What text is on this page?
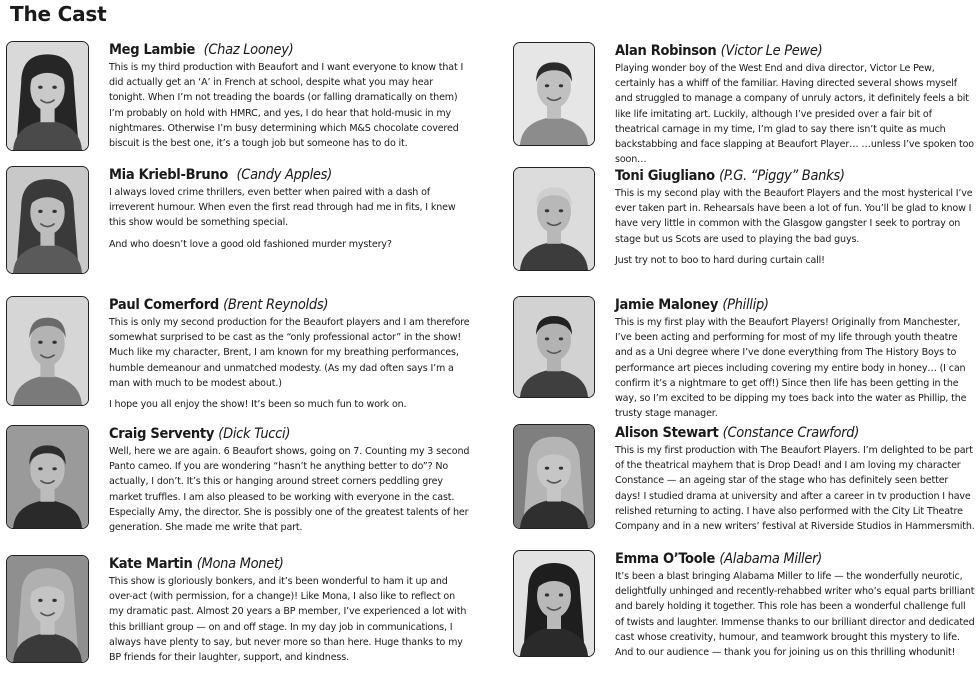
The Cast
Meg Lambie (Chaz Looney)

This is my third production with Beaufort and I want everyone to know that I did actually get an ‘A’ in French at school, despite what you may hear tonight. When I’m not treading the boards (or falling dramatically on them) I’m probably on hold with HMRC, and yes, I do hear that hold-music in my nightmares. Otherwise I’m busy determining which M&S chocolate covered biscuit is the best one, it’s a tough job but someone has to do it.

Mia Kriebl-Bruno (Candy Apples)

I always loved crime thrillers, even better when paired with a dash of irreverent humour. When even the first read through had me in fits, I knew this show would be something special.

And who doesn’t love a good old fashioned murder mystery?

Paul Comerford (Brent Reynolds)

This is only my second production for the Beaufort players and I am therefore somewhat surprised to be cast as the “only professional actor” in the show! Much like my character, Brent, I am known for my breathing performances, humble demeanour and unmatched modesty. (As my dad often says I’m a man with much to be modest about.)

I hope you all enjoy the show! It’s been so much fun to work on.

Craig Serventy (Dick Tucci)

Well, here we are again. 6 Beaufort shows, going on 7. Counting my 3 second Panto cameo. If you are wondering “hasn’t he anything better to do”? No actually, I don’t. It’s this or hanging around street corners peddling grey market truffles. I am also pleased to be working with everyone in the cast. Especially Amy, the director. She is possibly one of the greatest talents of her generation. She made me write that part.

Kate Martin (Mona Monet)

This show is gloriously bonkers, and it’s been wonderful to ham it up and over-act (with permission, for a change)! Like Mona, I also like to reflect on my dramatic past. Almost 20 years a BP member, I’ve experienced a lot with this brilliant group — on and off stage. In my day job in communications, I always have plenty to say, but never more so than here. Huge thanks to my BP friends for their laughter, support, and kindness.

Alan Robinson (Victor Le Pewe)

Playing wonder boy of the West End and diva director, Victor Le Pew, certainly has a whiff of the familiar. Having directed several shows myself and struggled to manage a company of unruly actors, it definitely feels a bit like life imitating art. Luckily, although I’ve presided over a fair bit of theatrical carnage in my time, I’m glad to say there isn’t quite as much backstabbing and face slapping at Beaufort Player… …unless I’ve spoken too soon…

Toni Giugliano (P.G. “Piggy” Banks)

This is my second play with the Beaufort Players and the most hysterical I’ve ever taken part in. Rehearsals have been a lot of fun. You’ll be glad to know I have very little in common with the Glasgow gangster I seek to portray on stage but us Scots are used to playing the bad guys.

Just try not to boo to hard during curtain call!

Jamie Maloney (Phillip)

This is my first play with the Beaufort Players! Originally from Manchester, I’ve been acting and performing for most of my life through youth theatre and as a Uni degree where I’ve done everything from The History Boys to performance art pieces including covering my entire body in honey… (I can confirm it’s a nightmare to get off!) Since then life has been getting in the way, so I’m excited to be dipping my toes back into the water as Phillip, the trusty stage manager.

Alison Stewart (Constance Crawford)

This is my first production with The Beaufort Players. I’m delighted to be part of the theatrical mayhem that is Drop Dead! and I am loving my character Constance — an ageing star of the stage who has definitely seen better days! I studied drama at university and after a career in tv production I have relished returning to acting. I have also performed with the City Lit Theatre Company and in a new writers’ festival at Riverside Studios in Hammersmith.

Emma O’Toole (Alabama Miller)

It’s been a blast bringing Alabama Miller to life — the wonderfully neurotic, delightfully unhinged and recently-rehabbed writer who’s equal parts brilliant and barely holding it together. This role has been a wonderful challenge full of twists and laughter. Immense thanks to our brilliant director and dedicated cast whose creativity, humour, and teamwork brought this mystery to life. And to our audience — thank you for joining us on this thrilling whodunit!
